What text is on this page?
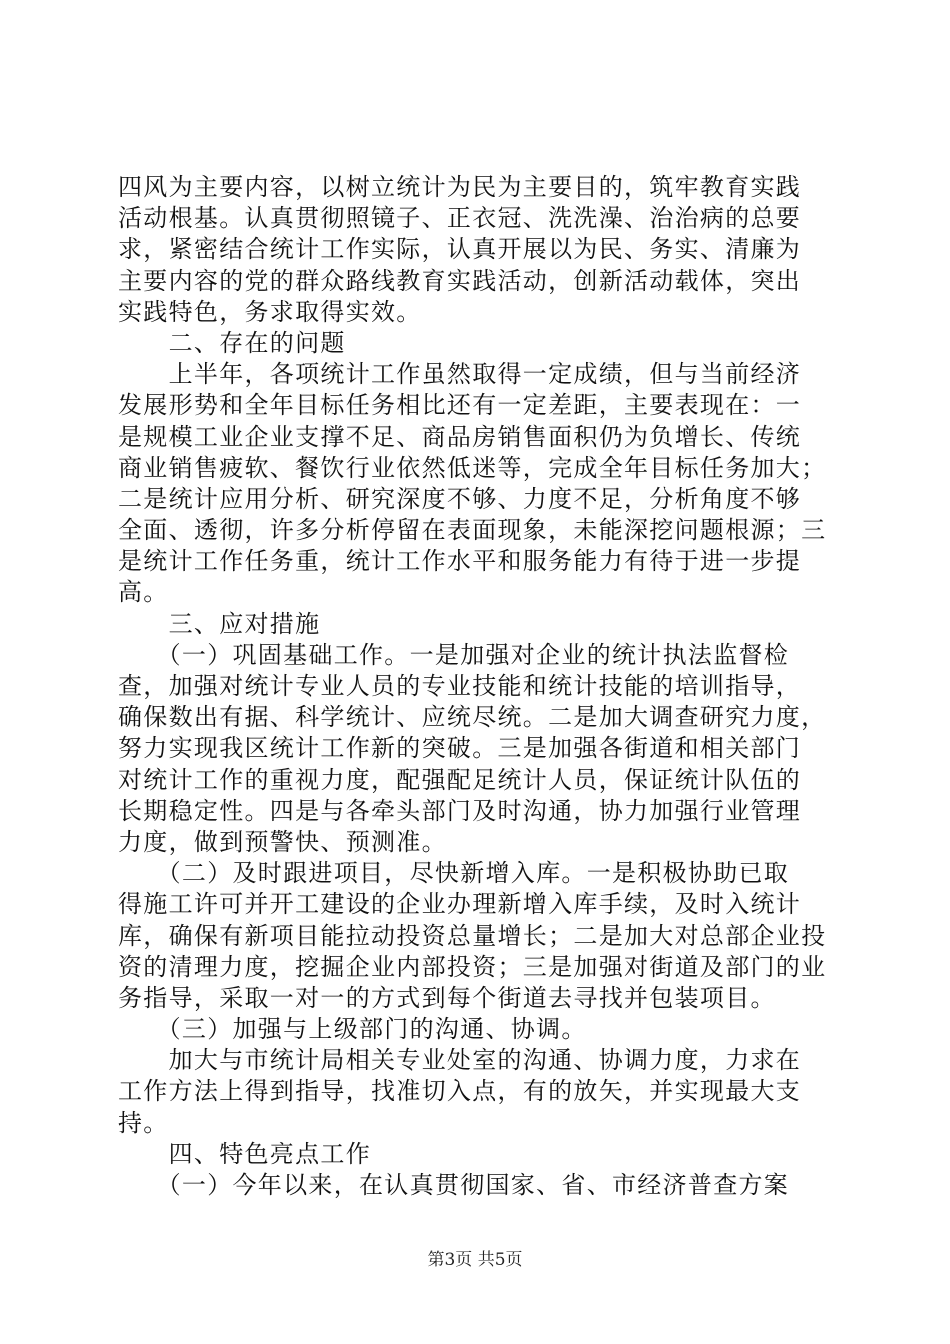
四风为主要内容，以树立统计为民为主要目的，筑牢教育实践
活动根基。认真贯彻照镜子、正衣冠、洗洗澡、治治病的总要
求，紧密结合统计工作实际，认真开展以为民、务实、清廉为
主要内容的党的群众路线教育实践活动，创新活动载体，突出
实践特色，务求取得实效。
　　二、存在的问题
　　上半年，各项统计工作虽然取得一定成绩，但与当前经济
发展形势和全年目标任务相比还有一定差距，主要表现在：一
是规模工业企业支撑不足、商品房销售面积仍为负增长、传统
商业销售疲软、餐饮行业依然低迷等，完成全年目标任务加大；
二是统计应用分析、研究深度不够、力度不足，分析角度不够
全面、透彻，许多分析停留在表面现象，未能深挖问题根源；三
是统计工作任务重，统计工作水平和服务能力有待于进一步提
高。
　　三、应对措施
　　（一）巩固基础工作。一是加强对企业的统计执法监督检
查，加强对统计专业人员的专业技能和统计技能的培训指导，
确保数出有据、科学统计、应统尽统。二是加大调查研究力度，
努力实现我区统计工作新的突破。三是加强各街道和相关部门
对统计工作的重视力度，配强配足统计人员，保证统计队伍的
长期稳定性。四是与各牵头部门及时沟通，协力加强行业管理
力度，做到预警快、预测准。
　　（二）及时跟进项目，尽快新增入库。一是积极协助已取
得施工许可并开工建设的企业办理新增入库手续，及时入统计
库，确保有新项目能拉动投资总量增长；二是加大对总部企业投
资的清理力度，挖掘企业内部投资；三是加强对街道及部门的业
务指导，采取一对一的方式到每个街道去寻找并包装项目。
　　（三）加强与上级部门的沟通、协调。
　　加大与市统计局相关专业处室的沟通、协调力度，力求在
工作方法上得到指导，找准切入点，有的放矢，并实现最大支
持。
　　四、特色亮点工作
　　（一）今年以来，在认真贯彻国家、省、市经济普查方案
第3页 共5页
